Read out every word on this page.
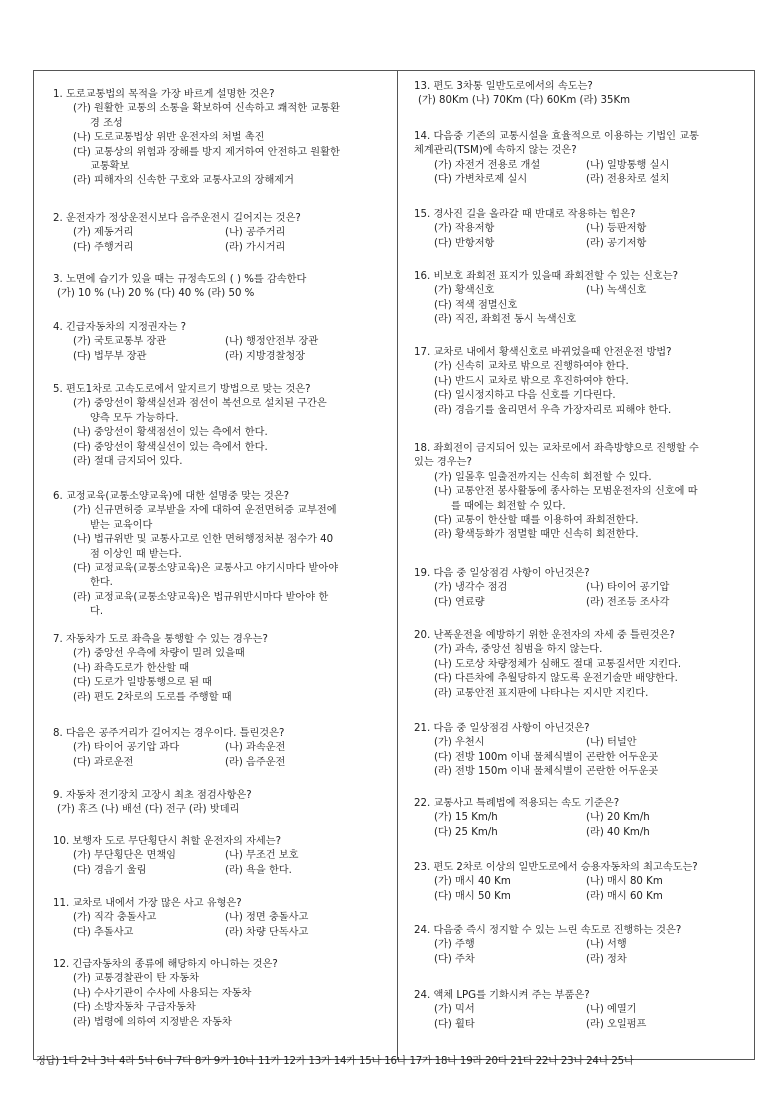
1. 도로교통법의 목적을 가장 바르게 설명한 것은?
(가) 원활한 교통의 소통을 확보하여 신속하고 쾌적한 교통환
경 조성
(나) 도로교통법상 위반 운전자의 처벌 촉진
(다) 교통상의 위험과 장해를 방지 제거하여 안전하고 원활한
교통확보
(라) 피해자의 신속한 구호와 교통사고의 장해제거
2. 운전자가 정상운전시보다 음주운전시 길어지는 것은?
(가) 제동거리	(나) 공주거리
(다) 주행거리	(라) 가시거리
3. 노면에 습기가 있을 때는 규정속도의 ( ) %를 감속한다
(가) 10 % (나) 20 % (다) 40 % (라) 50 %
4. 긴급자동차의 지정권자는 ?
(가) 국토교통부 장관	(나) 행정안전부 장관
(다) 법무부 장관	(라) 지방경찰청장
5. 편도1차로 고속도로에서 앞지르기 방법으로 맞는 것은?
(가) 중앙선이 황색실선과 점선이 복선으로 설치된 구간은
양측 모두 가능하다.
(나) 중앙선이 황색점선이 있는 측에서 한다.
(다) 중앙선이 황색실선이 있는 측에서 한다.
(라) 절대 금지되어 있다.
6. 교정교육(교통소양교육)에 대한 설명중 맞는 것은?
(가) 신규면허증 교부받을 자에 대하여 운전면허증 교부전에
받는 교육이다
(나) 법규위반 및 교통사고로 인한 면허행정처분 점수가 40
점 이상인 때 받는다.
(다) 교정교육(교통소양교육)은 교통사고 야기시마다 받아야
한다.
(라) 교정교육(교통소양교육)은 법규위반시마다 받아야 한
다.
7. 자동차가 도로 좌측을 통행할 수 있는 경우는?
(가) 중앙선 우측에 차량이 밀려 있을때
(나) 좌측도로가 한산할 때
(다) 도로가 일방통행으로 된 때
(라) 편도 2차로의 도로를 주행할 때
8. 다음은 공주거리가 길어지는 경우이다. 틀린것은?
(가) 타이어 공기압 과다	(나) 과속운전
(다) 과로운전	(라) 음주운전
9. 자동차 전기장치 고장시 최초 점검사항은?
(가) 휴즈 (나) 배선 (다) 전구 (라) 밧데리
10. 보행자 도로 무단횡단시 취할 운전자의 자세는?
(가) 무단횡단은 면책임	(나) 무조건 보호
(다) 경음기 울림	(라) 욕을 한다.
11. 교차로 내에서 가장 많은 사고 유형은?
(가) 직각 충돌사고	(나) 정면 충돌사고
(다) 추돌사고	(라) 차량 단독사고
12. 긴급자동차의 종류에 해당하지 아니하는 것은?
(가) 교통경찰관이 탄 자동차
(나) 수사기관이 수사에 사용되는 자동차
(다) 소방자동차 구급자동차
(라) 법령에 의하여 지정받은 자동차
13. 편도 3차통 일반도로에서의 속도는?
(가) 80Km (나) 70Km (다) 60Km (라) 35Km
14. 다음중 기존의 교통시설을 효율적으로 이용하는 기법인 교통
체계관리(TSM)에 속하지 않는 것은?
(가) 자전거 전용로 개설	(나) 일방통행 실시
(다) 가변차로제 실시	(라) 전용차로 설치
15. 경사진 길을 올라갈 때 반대로 작용하는 힘은?
(가) 작용저항	(나) 등판저항
(다) 반항저항	(라) 공기저항
16. 비보호 좌회전 표지가 있을때 좌회전할 수 있는 신호는?
(가) 황색신호	(나) 녹색신호
(다) 적색 점멸신호
(라) 직진, 좌회전 동시 녹색신호
17. 교차로 내에서 황색신호로 바뀌었을때 안전운전 방법?
(가) 신속히 교차로 밖으로 진행하여야 한다.
(나) 반드시 교차로 밖으로 후진하여야 한다.
(다) 일시정지하고 다음 신호를 기다린다.
(라) 경음기를 울리면서 우측 가장자리로 피해야 한다.
18. 좌회전이 금지되어 있는 교차로에서 좌측방향으로 진행할 수
있는 경우는?
(가) 일몰후 일출전까지는 신속히 회전할 수 있다.
(나) 교통안전 봉사활동에 종사하는 모범운전자의 신호에 따
를 때에는 회전할 수 있다.
(다) 교통이 한산할 때를 이용하여 좌회전한다.
(라) 황색등화가 점멸할 때만 신속히 회전한다.
19. 다음 중 일상점검 사항이 아닌것은?
(가) 냉각수 점검	(나) 타이어 공기압
(다) 연료량	(라) 전조등 조사각
20. 난폭운전을 예방하기 위한 운전자의 자세 중 틀린것은?
(가) 과속, 중앙선 침범을 하지 않는다.
(나) 도로상 차량정체가 심해도 절대 교통질서만 지킨다.
(다) 다른차에 추월당하지 않도록 운전기술만 배양한다.
(라) 교통안전 표지판에 나타나는 지시만 지킨다.
21. 다음 중 일상점검 사항이 아닌것은?
(가) 우천시	(나) 터널안
(다) 전방 100m 이내 물체식별이 곤란한 어두운곳
(라) 전방 150m 이내 물체식별이 곤란한 어두운곳
22. 교통사고 특례법에 적용되는 속도 기준은?
(가) 15 Km/h	(나) 20 Km/h
(다) 25 Km/h	(라) 40 Km/h
23. 편도 2차로 이상의 일반도로에서 승용자동차의 최고속도는?
(가) 매시 40 Km	(나) 매시 80 Km
(다) 매시 50 Km	(라) 매시 60 Km
24. 다음중 즉시 정지할 수 있는 느린 속도로 진행하는 것은?
(가) 주행	(나) 서행
(다) 주차	(라) 정차
24. 액체 LPG를 기화시켜 주는 부품은?
(가) 믹서	(나) 예열기
(다) 휠타	(라) 오일펌프
정답) 1다 2나 3나 4라 5나 6나 7다 8가 9가 10나 11가 12가 13가 14가 15나 16나 17가 18나 19라 20다 21다 22나 23나 24나 25나
